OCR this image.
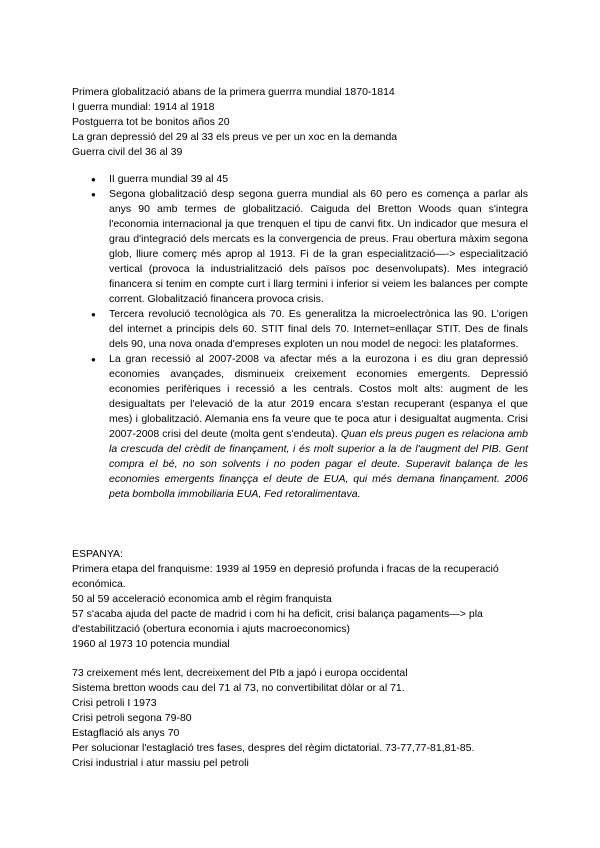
Primera globalització abans de la primera guerrra mundial 1870-1814
I guerra mundial: 1914 al 1918
Postguerra tot be bonitos años 20
La gran depressió del 29 al 33 els preus ve per un xoc en la demanda
Guerra civil del 36 al 39
● II guerra mundial 39 al 45
● Segona globalització desp segona guerra mundial als 60 pero es comença a parlar als anys 90 amb termes de globalització. Caiguda del Bretton Woods quan s'integra l'economia internacional ja que trenquen el tipu de canvi fitx. Un indicador que mesura el grau d'integració dels mercats es la convergencia de preus. Frau obertura màxim segona glob, lliure comerç més aprop al 1913. Fi de la gran especialització—-> especialització vertical (provoca la industrialització dels països poc desenvolupats). Mes integració financera si tenim en compte curt i llarg termini i inferior si veiem les balances per compte corrent. Globalització financera provoca crisis.
● Tercera revolució tecnològica als 70. Es generalitza la microelectrònica las 90. L'origen del internet a principis dels 60. STIT final dels 70. Internet=enllaçar STIT. Des de finals dels 90, una nova onada d'empreses exploten un nou model de negoci: les plataformes.
● La gran recessió al 2007-2008 va afectar més a la eurozona i es diu gran depressió economies avançades, disminueix creixement economies emergents. Depressió economies perifèriques i recessió a les centrals. Costos molt alts: augment de les desigualtats per l'elevació de la atur 2019 encara s'estan recuperant (espanya el que mes) i globalització. Alemania ens fa veure que te poca atur i desigualtat augmenta. Crisi 2007-2008 crisi del deute (molta gent s'endeuta). Quan els preus pugen es relaciona amb la crescuda del crèdit de finançament, i és molt superior a la de l'augment del PIB. Gent compra el bé, no son solvents i no poden pagar el deute. Superavit balança de les economies emergents finançça el deute de EUA, qui més demana finançament. 2006 peta bombolla immobiliaria EUA, Fed retoralimentava.

ESPANYA:

Primera etapa del franquisme: 1939 al 1959 en depresió profunda i fracas de la recuperació económica.

50 al 59 acceleració economica amb el règim franquista

57 s'acaba ajuda del pacte de madrid i com hi ha deficit, crisi balança pagaments—> pla d'estabilització (obertura economia i ajuts macroeconomics)

1960 al 1973 10 potencia mundial

73 creixement més lent, decreixement del PIb a japó i europa occidental
Sistema bretton woods cau del 71 al 73, no convertibilitat dòlar or al 71.
Crisi petroli I 1973
Crisi petroli segona 79-80
Estagflació als anys 70
Per solucionar l'estaglació tres fases, despres del règim dictatorial. 73-77,77-81,81-85.
Crisi industrial i atur massiu pel petroli
